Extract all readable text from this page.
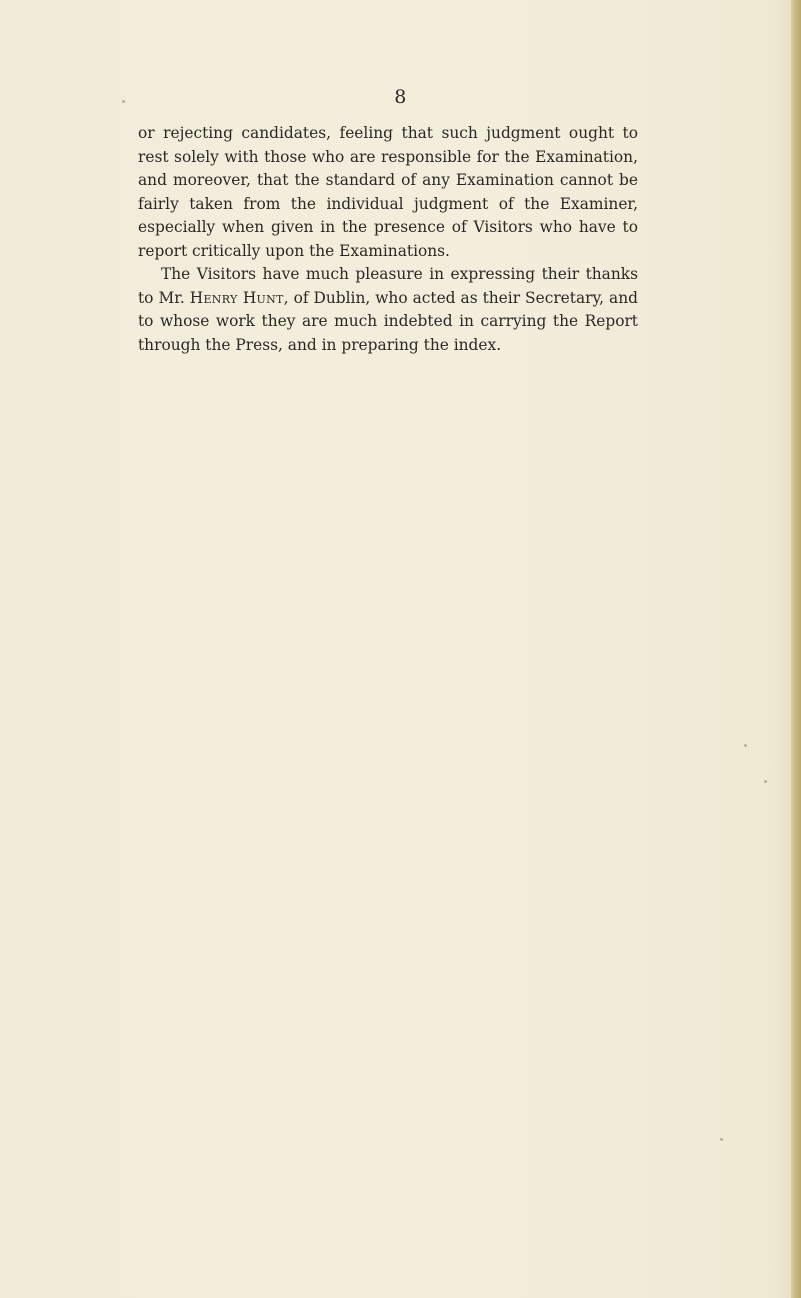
8

or rejecting candidates, feeling that such judgment ought to rest solely with those who are responsible for the Examination, and moreover, that the standard of any Examination cannot be fairly taken from the individual judgment of the Examiner, especially when given in the presence of Visitors who have to report critically upon the Examinations.

The Visitors have much pleasure in expressing their thanks to Mr. Henry Hunt, of Dublin, who acted as their Secretary, and to whose work they are much indebted in carrying the Report through the Press, and in preparing the index.
